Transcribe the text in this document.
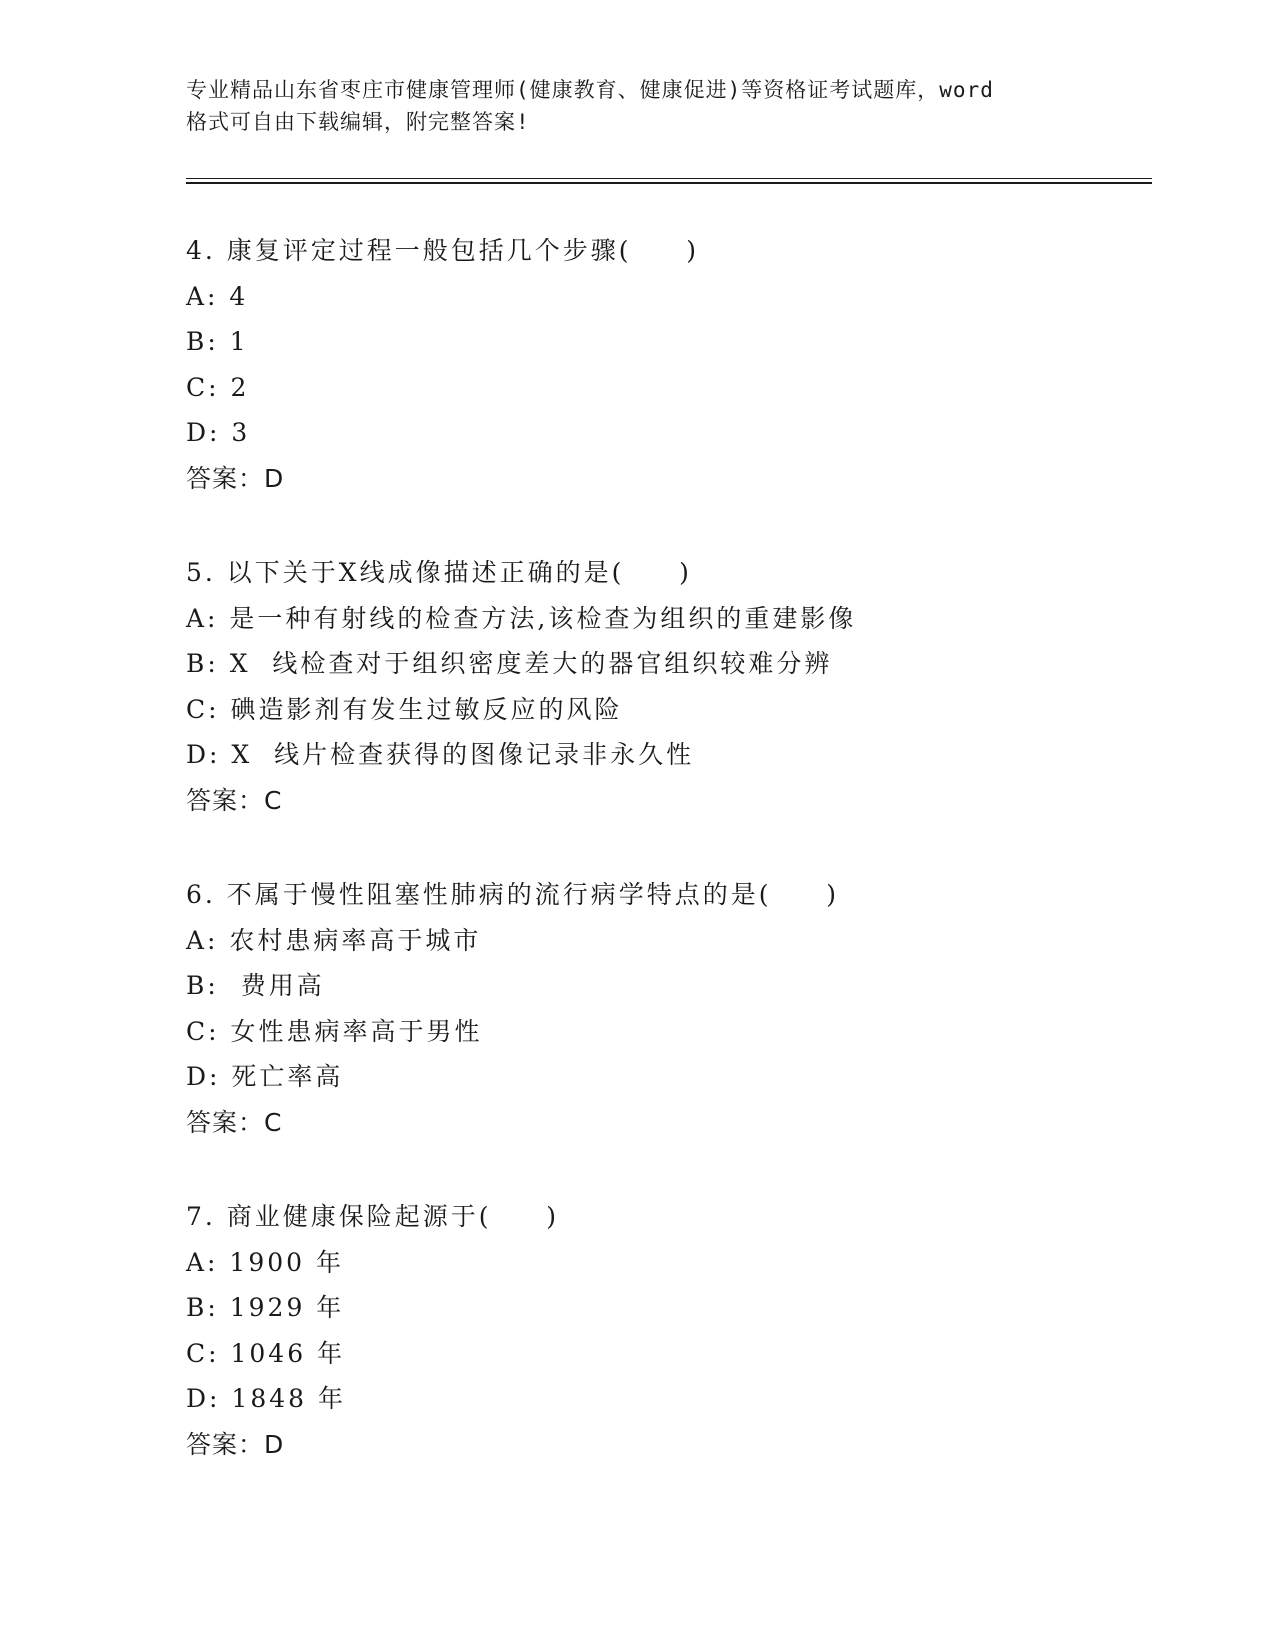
专业精品山东省枣庄市健康管理师(健康教育、健康促进)等资格证考试题库，word
格式可自由下载编辑，附完整答案!
4. 康复评定过程一般包括几个步骤(     )
A: 4
B: 1
C: 2
D: 3
答案：D
5. 以下关于X线成像描述正确的是(     )
A: 是一种有射线的检查方法,该检查为组织的重建影像
B: X  线检查对于组织密度差大的器官组织较难分辨
C: 碘造影剂有发生过敏反应的风险
D: X  线片检查获得的图像记录非永久性
答案：C
6. 不属于慢性阻塞性肺病的流行病学特点的是(     )
A: 农村患病率高于城市
B:  费用高
C: 女性患病率高于男性
D: 死亡率高
答案：C
7. 商业健康保险起源于(     )
A: 1900 年
B: 1929 年
C: 1046 年
D: 1848 年
答案：D
